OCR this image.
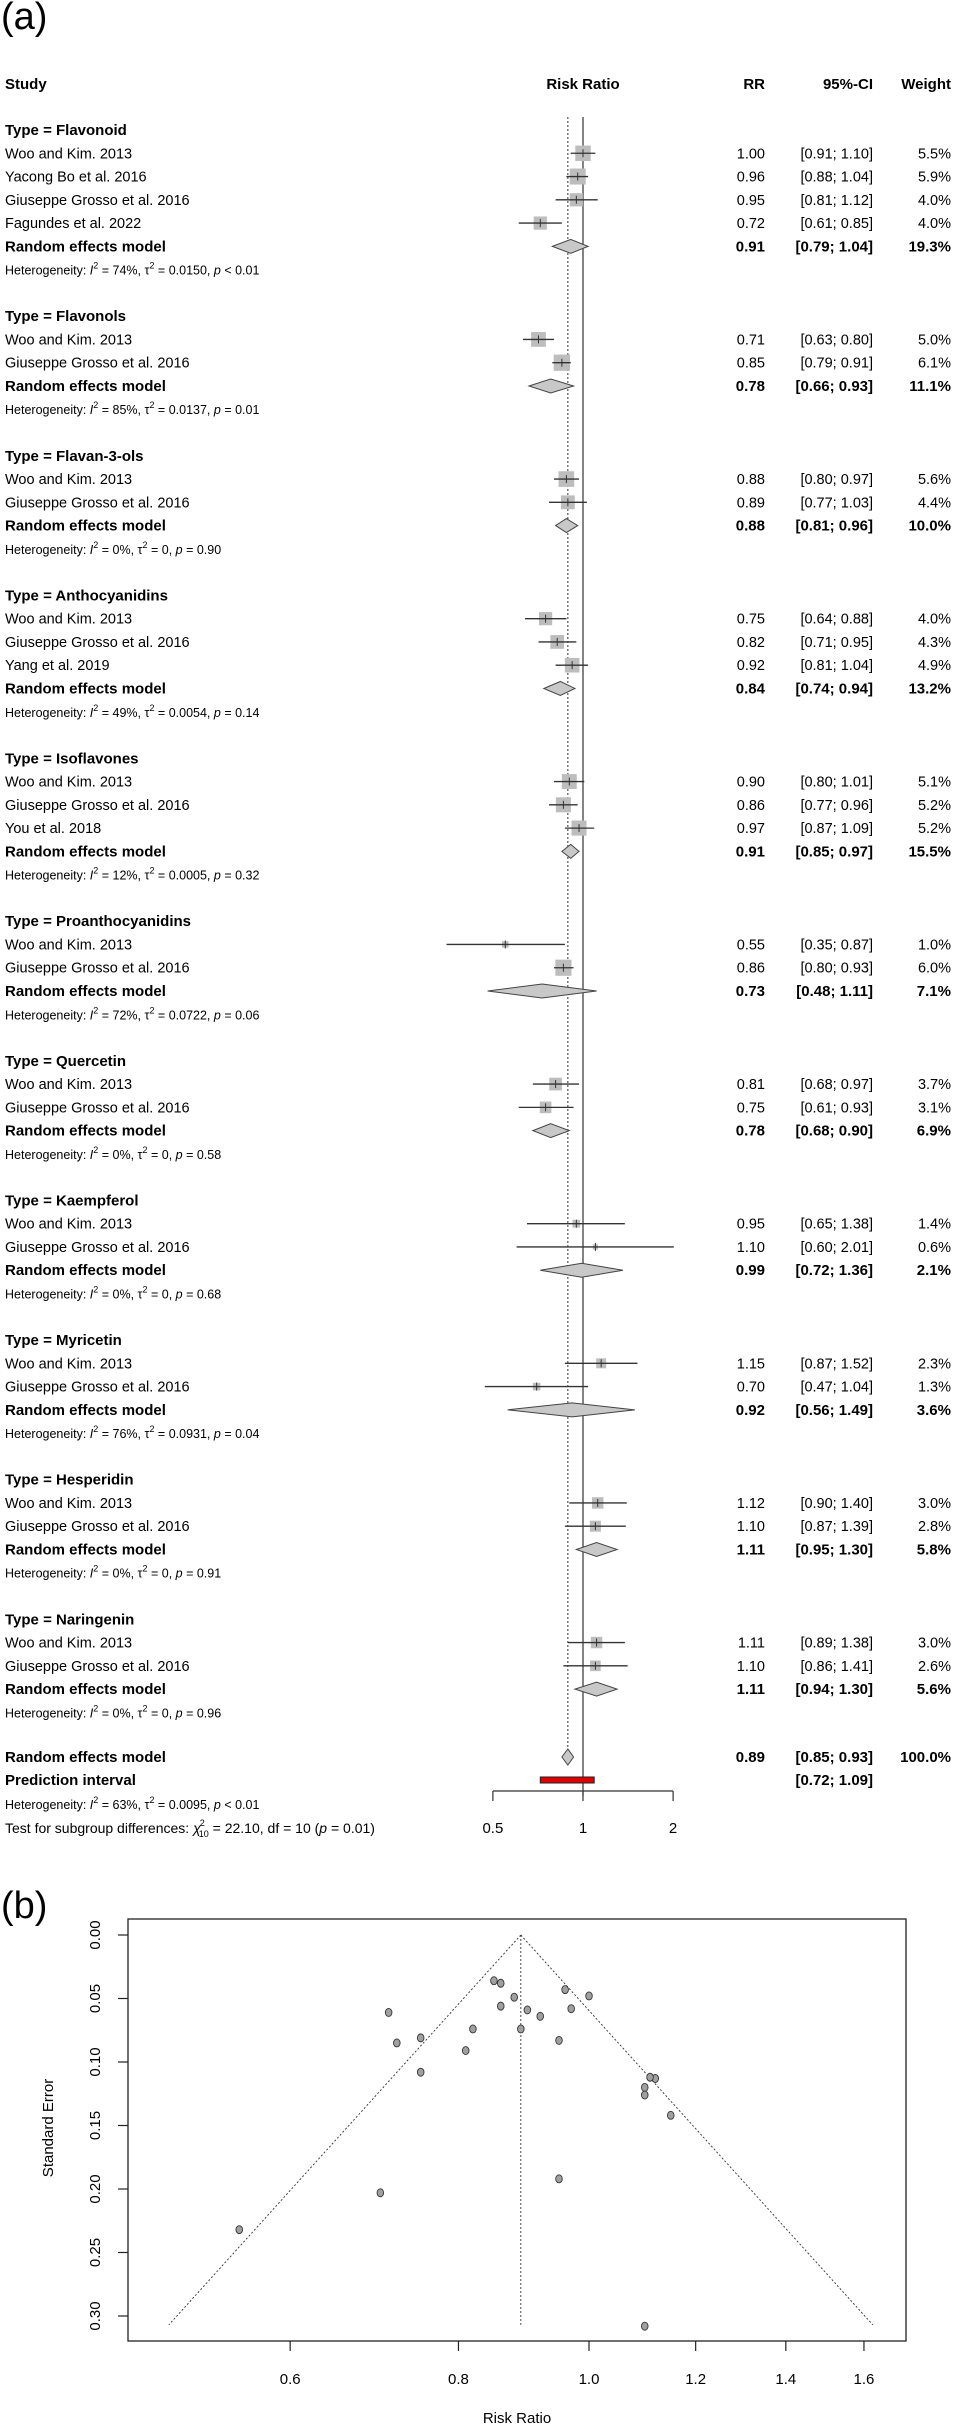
(a)
(b)
Study	Risk Ratio	RR	95%-CI Weight
Type = Flavonoid
Woo and Kim. 2013	1.00 [0.91; 1.10]	5.5%
Yacong Bo et al. 2016	0.96 [0.88; 1.04]	5.9%
Giuseppe Grosso et al. 2016	0.95 [0.81; 1.12]	4.0%
Fagundes et al. 2022	0.72 [0.61; 0.85]	4.0%
Random effects model	0.91 [0.79; 1.04] 19.3%
Heterogeneity: $I^2 = 74\%$, $\tau^2 = 0.0150$, p < 0.01
Type = Flavonols
Woo and Kim. 2013	0.71 [0.63; 0.80]	5.0%
Giuseppe Grosso et al. 2016	0.85 [0.79; 0.91]	6.1%
Random effects model	0.78 [0.66; 0.93] 11.1%
Heterogeneity: $I^2 = 85\%$, $\tau^2 = 0.0137$, p = 0.01
Type = Flavan-3-ols
Woo and Kim. 2013	0.88 [0.80; 0.97]	5.6%
Giuseppe Grosso et al. 2016	0.89 [0.77; 1.03]	4.4%
Random effects model	0.88 [0.81; 0.96] 10.0%
Heterogeneity: $I^2 = 0\%$, $\tau^2 = 0$, p = 0.90
Type = Anthocyanidins
Woo and Kim. 2013	0.75 [0.64; 0.88]	4.0%
Giuseppe Grosso et al. 2016	0.82 [0.71; 0.95]	4.3%
Yang et al. 2019	0.92 [0.81; 1.04]	4.9%
Random effects model	0.84 [0.74; 0.94] 13.2%
Heterogeneity: $I^2 = 49\%$, $\tau^2 = 0.0054$, p = 0.14
Type = Isoflavones
Woo and Kim. 2013	0.90 [0.80; 1.01]	5.1%
Giuseppe Grosso et al. 2016	0.86 [0.77; 0.96]	5.2%
You et al. 2018	0.97 [0.87; 1.09]	5.2%
Random effects model	0.91 [0.85; 0.97] 15.5%
Heterogeneity: $I^2 = 12\%$, $\tau^2 = 0.0005$, p = 0.32
Type = Proanthocyanidins
Woo and Kim. 2013	0.55 [0.35; 0.87]	1.0%
Giuseppe Grosso et al. 2016	0.86 [0.80; 0.93]	6.0%
Random effects model	0.73 [0.48; 1.11]	7.1%
Heterogeneity: $I^2 = 72\%$, $\tau^2 = 0.0722$, p = 0.06
Type = Quercetin
Woo and Kim. 2013	0.81 [0.68; 0.97]	3.7%
Giuseppe Grosso et al. 2016	0.75 [0.61; 0.93]	3.1%
Random effects model	0.78 [0.68; 0.90]	6.9%
Heterogeneity: $I^2 = 0\%$, $\tau^2 = 0$, p = 0.58
Type = Kaempferol
Woo and Kim. 2013	0.95 [0.65; 1.38]	1.4%
Giuseppe Grosso et al. 2016	1.10 [0.60; 2.01]	0.6%
Random effects model	0.99 [0.72; 1.36]	2.1%
Heterogeneity: $I^2 = 0\%$, $\tau^2 = 0$, p = 0.68
Type = Myricetin
Woo and Kim. 2013	1.15 [0.87; 1.52]	2.3%
Giuseppe Grosso et al. 2016	0.70 [0.47; 1.04]	1.3%
Random effects model	0.92 [0.56; 1.49]	3.6%
Heterogeneity: $I^2 = 76\%$, $\tau^2 = 0.0931$, p = 0.04
Type = Hesperidin
Woo and Kim. 2013	1.12 [0.90; 1.40]	3.0%
Giuseppe Grosso et al. 2016	1.10 [0.87; 1.39]	2.8%
Random effects model	1.11 [0.95; 1.30]	5.8%
Heterogeneity: $I^2 = 0\%$, $\tau^2 = 0$, p = 0.91
Type = Naringenin
Woo and Kim. 2013	1.11 [0.89; 1.38]	3.0%
Giuseppe Grosso et al. 2016	1.10 [0.86; 1.41]	2.6%
Random effects model	1.11 [0.94; 1.30]	5.6%
Heterogeneity: $I^2 = 0\%$, $\tau^2 = 0$, p = 0.96
Random effects model	0.89 [0.85; 0.93] 100.0%
Prediction interval	[0.72; 1.09]
Heterogeneity: $I^2 = 63\%$, $\tau^2 = 0.0095$, p < 0.01
Test for subgroup differences: χ2 10 = 22.10, df = 10 (p = 0.01)	0.5	1	2
0.00
0.05
0.10
0.15
0.20
0.25
0.30
Standard Error
0.6	0.8	1.0	1.2	1.4	1.6
Risk Ratio
